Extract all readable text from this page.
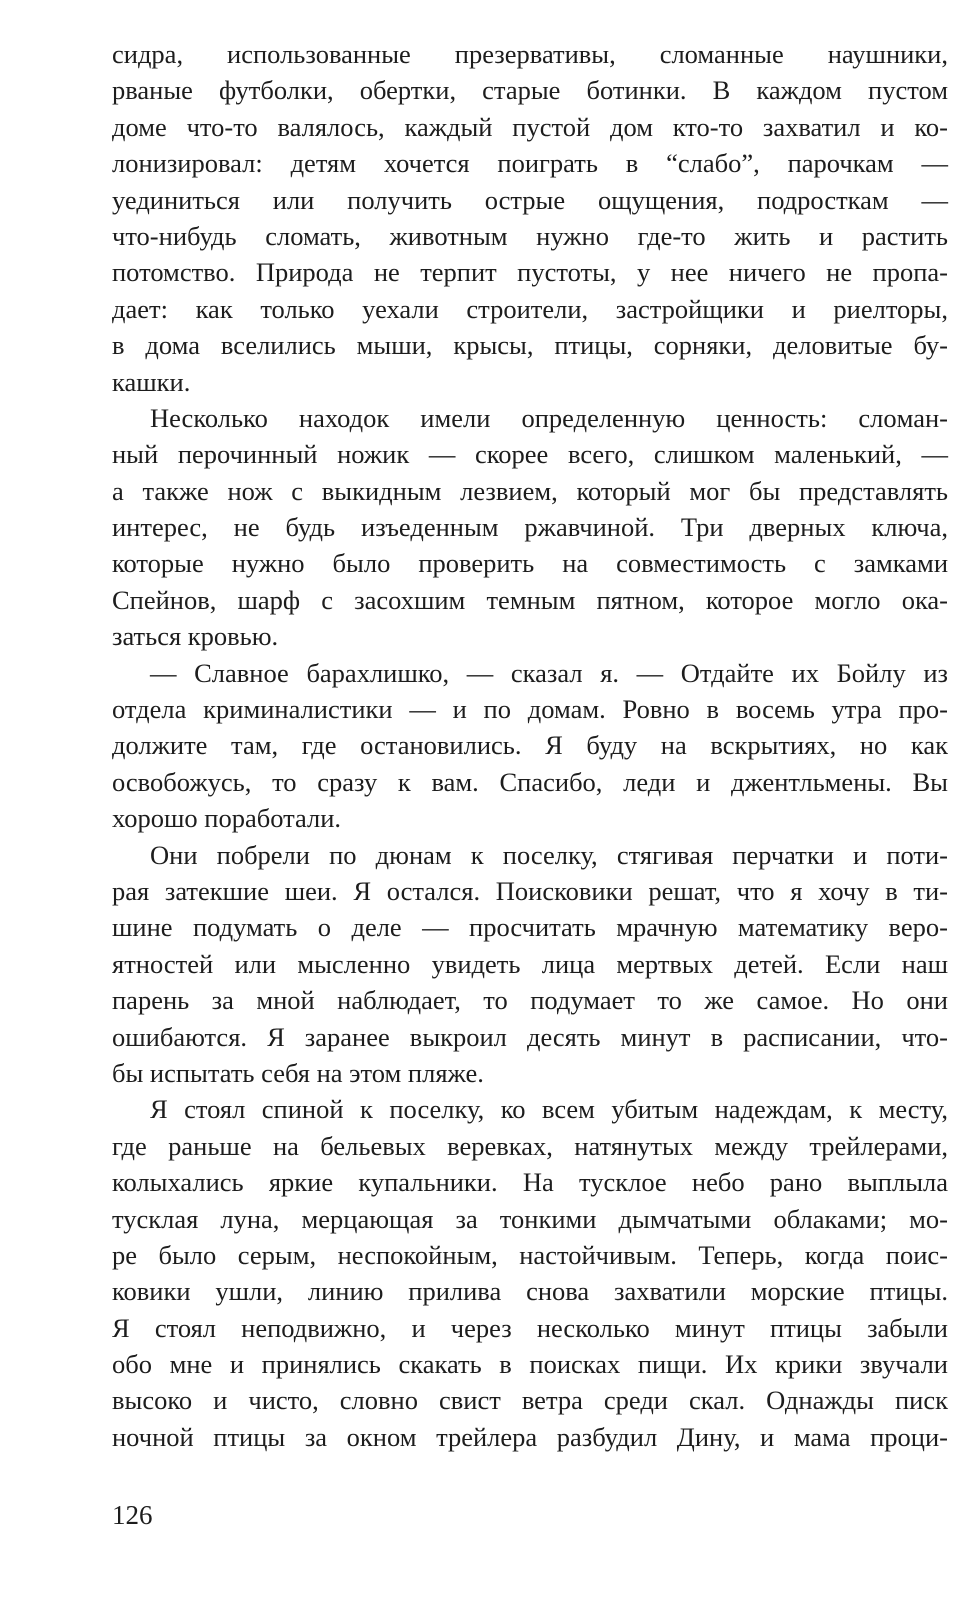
сидра, использованные презервативы, сломанные наушники,
рваные футболки, обертки, старые ботинки. В каждом пустом
доме что-то валялось, каждый пустой дом кто-то захватил и ко-
лонизировал: детям хочется поиграть в “слабо”, парочкам —
уединиться или получить острые ощущения, подросткам —
что-нибудь сломать, животным нужно где-то жить и растить
потомство. Природа не терпит пустоты, у нее ничего не пропа-
дает: как только уехали строители, застройщики и риелторы,
в дома вселились мыши, крысы, птицы, сорняки, деловитые бу-
кашки.
Несколько находок имели определенную ценность: слoман-
ный перочинный ножик — скорее всего, слишком маленький, —
а также нож с выкидным лезвием, который мог бы представлять
интерес, не будь изъеденным ржавчиной. Три дверных ключа,
которые нужно было проверить на совместимость с замками
Спейнов, шарф с засохшим темным пятном, которое могло ока-
заться кровью.
— Славное барахлишко, — сказал я. — Отдайте их Бойлу из
отдела криминалистики — и по домам. Ровно в восемь утра про-
должите там, где остановились. Я буду на вскрытиях, но как
освобожусь, то сразу к вам. Спасибо, леди и джентльмены. Вы
хорошо поработали.
Они побрели по дюнам к поселку, стягивая перчатки и поти-
рая затекшие шеи. Я остался. Поисковики решат, что я хочу в ти-
шине подумать о деле — просчитать мрачную математику веро-
ятностей или мысленно увидеть лица мертвых детей. Если наш
парень за мной наблюдает, то подумает то же самое. Но они
ошибаются. Я заранее выкроил десять минут в расписании, что-
бы испытать себя на этом пляже.
Я стоял спиной к поселку, ко всем убитым надеждам, к месту,
где раньше на бельевых веревках, натянутых между трейлерами,
колыхались яркие купальники. На тусклое небо рано выплыла
тусклая луна, мерцающая за тонкими дымчатыми облаками; мо-
ре было серым, неспокойным, настойчивым. Теперь, когда поис-
ковики ушли, линию прилива снова захватили морские птицы.
Я стоял неподвижно, и через несколько минут птицы забыли
обо мне и принялись скакать в поисках пищи. Их крики звучали
высоко и чисто, словно свист ветра среди скал. Однажды писк
ночной птицы за окном трейлера разбудил Дину, и мама проци-
126
